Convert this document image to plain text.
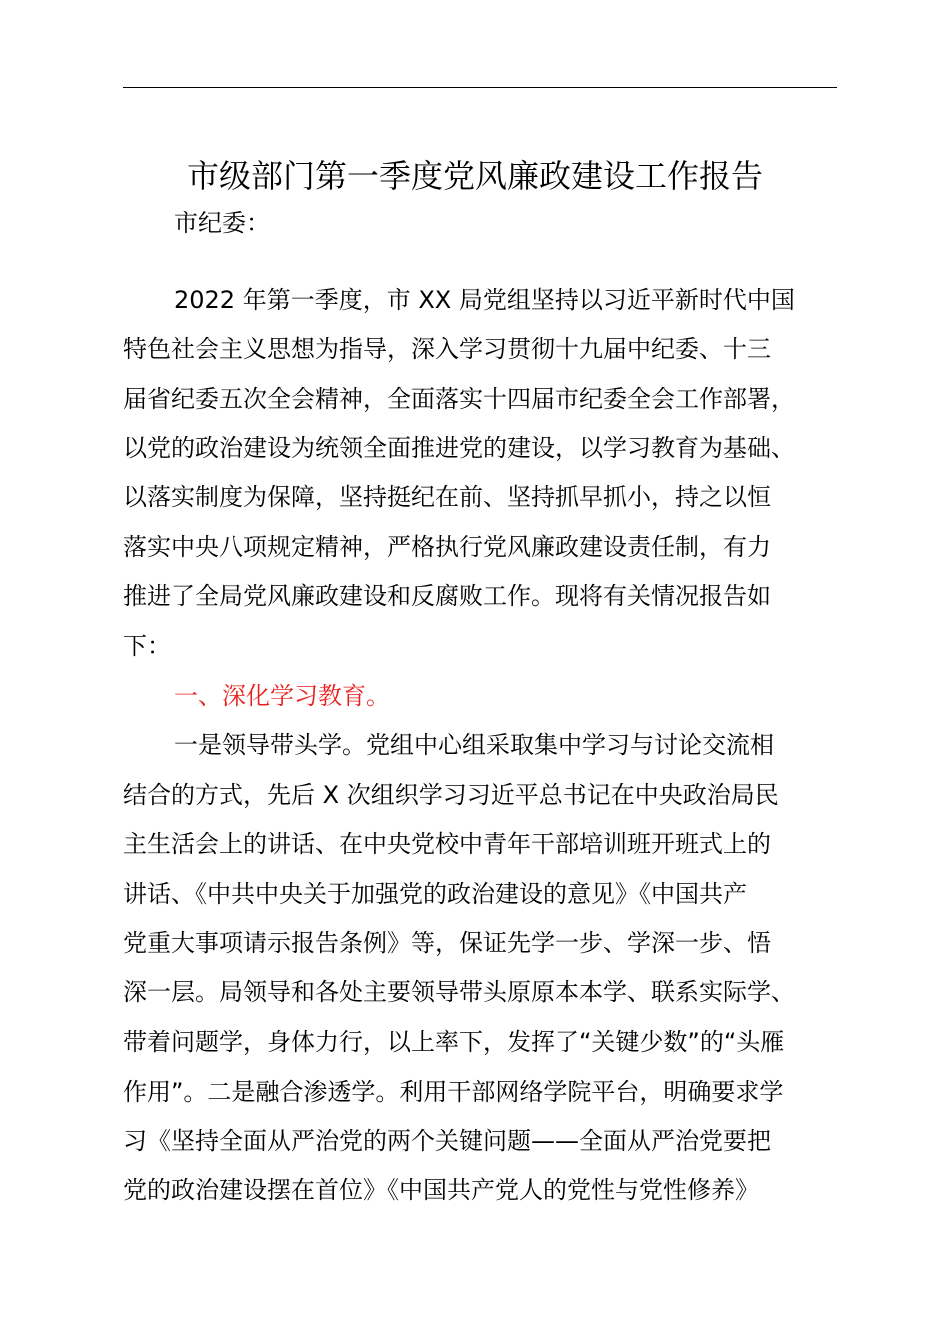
市级部门第一季度党风廉政建设工作报告
市纪委：
2022 年第一季度，市 XX 局党组坚持以习近平新时代中国
特色社会主义思想为指导，深入学习贯彻十九届中纪委、十三
届省纪委五次全会精神，全面落实十四届市纪委全会工作部署，
以党的政治建设为统领全面推进党的建设，以学习教育为基础、
以落实制度为保障，坚持挺纪在前、坚持抓早抓小，持之以恒
落实中央八项规定精神，严格执行党风廉政建设责任制，有力
推进了全局党风廉政建设和反腐败工作。现将有关情况报告如
下：
一、深化学习教育。
一是领导带头学。党组中心组采取集中学习与讨论交流相
结合的方式，先后 X 次组织学习习近平总书记在中央政治局民
主生活会上的讲话、在中央党校中青年干部培训班开班式上的
讲话、《中共中央关于加强党的政治建设的意见》《中国共产
党重大事项请示报告条例》等，保证先学一步、学深一步、悟
深一层。局领导和各处主要领导带头原原本本学、联系实际学、
带着问题学，身体力行，以上率下，发挥了“关键少数”的“头雁
作用”。二是融合渗透学。利用干部网络学院平台，明确要求学
习《坚持全面从严治党的两个关键问题——全面从严治党要把
党的政治建设摆在首位》《中国共产党人的党性与党性修养》
